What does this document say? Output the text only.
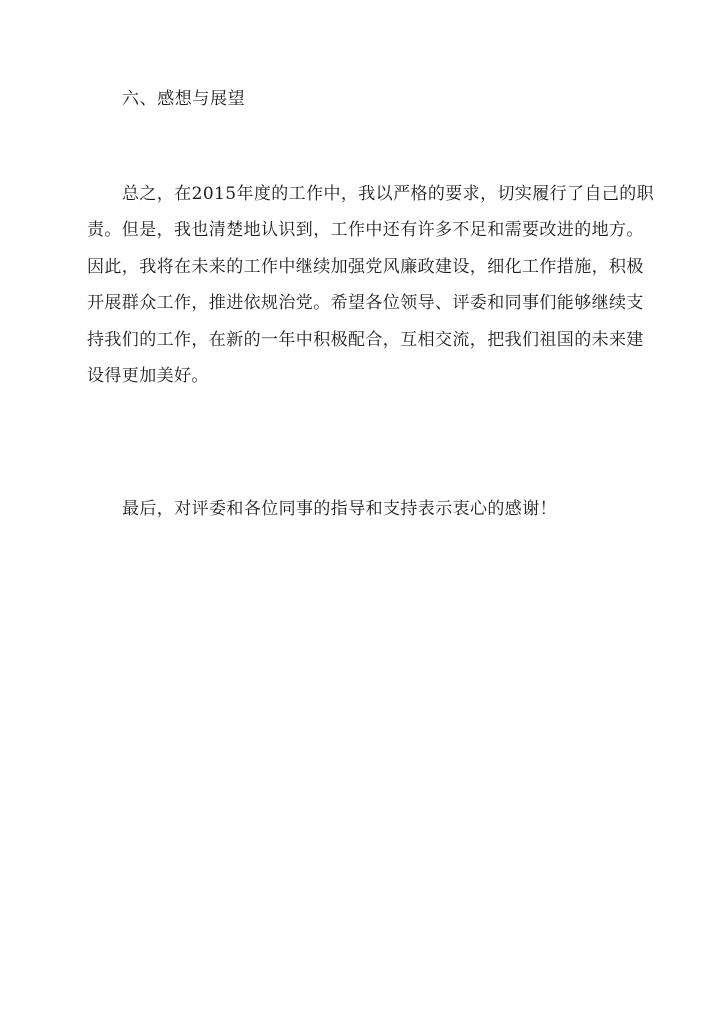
六、感想与展望
总之，在2015年度的工作中，我以严格的要求，切实履行了自己的职
责。但是，我也清楚地认识到，工作中还有许多不足和需要改进的地方。
因此，我将在未来的工作中继续加强党风廉政建设，细化工作措施，积极
开展群众工作，推进依规治党。希望各位领导、评委和同事们能够继续支
持我们的工作，在新的一年中积极配合，互相交流，把我们祖国的未来建
设得更加美好。
最后，对评委和各位同事的指导和支持表示衷心的感谢！
